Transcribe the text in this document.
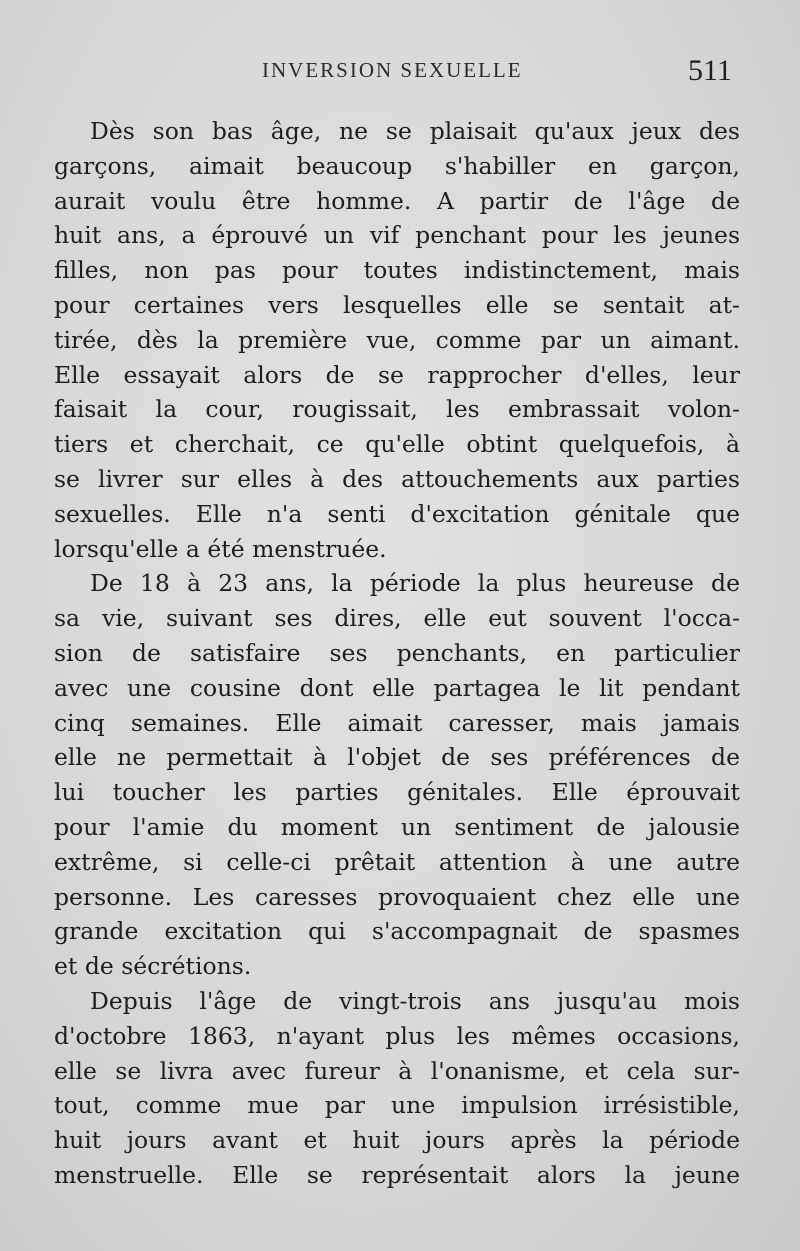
INVERSION SEXUELLE	511
Dès son bas âge, ne se plaisait qu'aux jeux des
garçons, aimait beaucoup s'habiller en garçon,
aurait voulu être homme. A partir de l'âge de
huit ans, a éprouvé un vif penchant pour les jeunes
filles, non pas pour toutes indistinctement, mais
pour certaines vers lesquelles elle se sentait at-
tirée, dès la première vue, comme par un aimant.
Elle essayait alors de se rapprocher d'elles, leur
faisait la cour, rougissait, les embrassait volon-
tiers et cherchait, ce qu'elle obtint quelquefois, à
se livrer sur elles à des attouchements aux parties
sexuelles. Elle n'a senti d'excitation génitale que
lorsqu'elle a été menstruée.
De 18 à 23 ans, la période la plus heureuse de
sa vie, suivant ses dires, elle eut souvent l'occa-
sion de satisfaire ses penchants, en particulier
avec une cousine dont elle partagea le lit pendant
cinq semaines. Elle aimait caresser, mais jamais
elle ne permettait à l'objet de ses préférences de
lui toucher les parties génitales. Elle éprouvait
pour l'amie du moment un sentiment de jalousie
extrême, si celle-ci prêtait attention à une autre
personne. Les caresses provoquaient chez elle une
grande excitation qui s'accompagnait de spasmes
et de sécrétions.
Depuis l'âge de vingt-trois ans jusqu'au mois
d'octobre 1863, n'ayant plus les mêmes occasions,
elle se livra avec fureur à l'onanisme, et cela sur-
tout, comme mue par une impulsion irrésistible,
huit jours avant et huit jours après la période
menstruelle. Elle se représentait alors la jeune
